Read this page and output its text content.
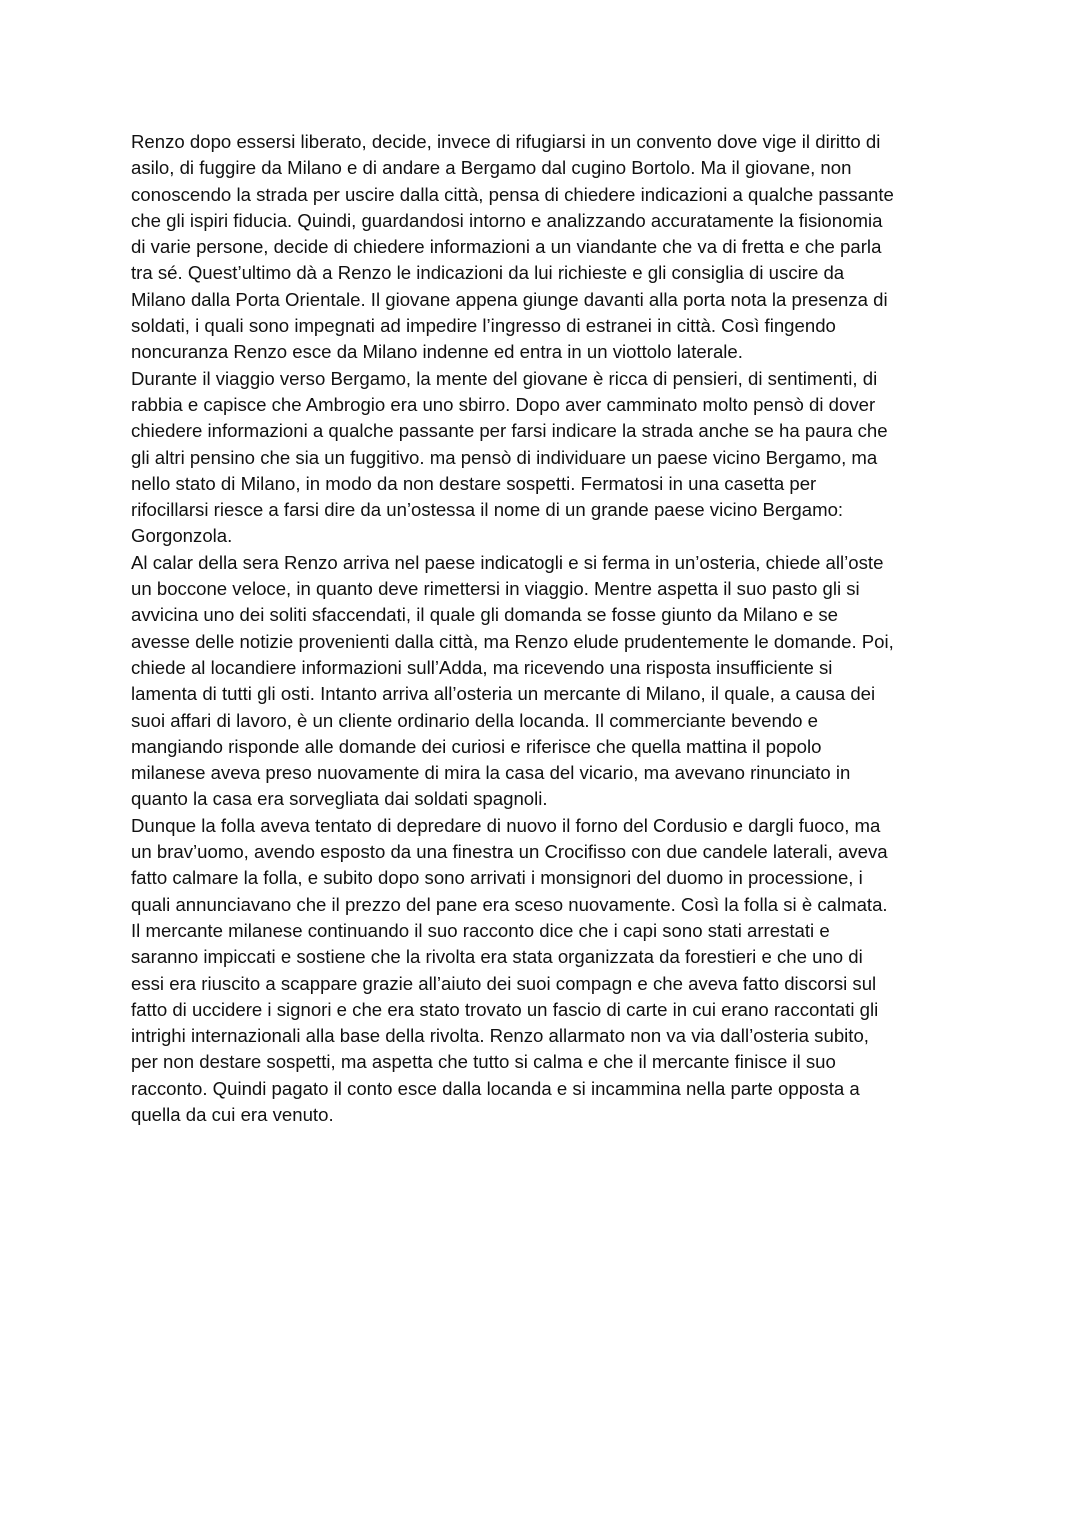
Renzo dopo essersi liberato, decide, invece di rifugiarsi in un convento dove vige il diritto di
asilo, di fuggire da Milano e di andare a Bergamo dal cugino Bortolo. Ma il giovane, non
conoscendo la strada per uscire dalla città, pensa di chiedere indicazioni a qualche passante
che gli ispiri fiducia. Quindi, guardandosi intorno e analizzando accuratamente la fisionomia
di varie persone, decide di chiedere informazioni a un viandante che va di fretta e che parla
tra sé. Quest’ultimo dà a Renzo le indicazioni da lui richieste e gli consiglia di uscire da
Milano dalla Porta Orientale. Il giovane appena giunge davanti alla porta nota la presenza di
soldati, i quali sono impegnati ad impedire l’ingresso di estranei in città. Così fingendo
noncuranza Renzo esce da Milano indenne ed entra in un viottolo laterale.
Durante il viaggio verso Bergamo, la mente del giovane è ricca di pensieri, di sentimenti, di
rabbia e capisce che Ambrogio era uno sbirro. Dopo aver camminato molto pensò di dover
chiedere informazioni a qualche passante per farsi indicare la strada anche se ha paura che
gli altri pensino che sia un fuggitivo. ma pensò di individuare un paese vicino Bergamo, ma
nello stato di Milano, in modo da non destare sospetti. Fermatosi in una casetta per
rifocillarsi riesce a farsi dire da un’ostessa il nome di un grande paese vicino Bergamo:
Gorgonzola.
Al calar della sera Renzo arriva nel paese indicatogli e si ferma in un’osteria, chiede all’oste
un boccone veloce, in quanto deve rimettersi in viaggio. Mentre aspetta il suo pasto gli si
avvicina uno dei soliti sfaccendati, il quale gli domanda se fosse giunto da Milano e se
avesse delle notizie provenienti dalla città, ma Renzo elude prudentemente le domande. Poi,
chiede al locandiere informazioni sull’Adda, ma ricevendo una risposta insufficiente si
lamenta di tutti gli osti. Intanto arriva all’osteria un mercante di Milano, il quale, a causa dei
suoi affari di lavoro, è un cliente ordinario della locanda. Il commerciante bevendo e
mangiando risponde alle domande dei curiosi e riferisce che quella mattina il popolo
milanese aveva preso nuovamente di mira la casa del vicario, ma avevano rinunciato in
quanto la casa era sorvegliata dai soldati spagnoli.
Dunque la folla aveva tentato di depredare di nuovo il forno del Cordusio e dargli fuoco, ma
un brav’uomo, avendo esposto da una finestra un Crocifisso con due candele laterali, aveva
fatto calmare la folla, e subito dopo sono arrivati i monsignori del duomo in processione, i
quali annunciavano che il prezzo del pane era sceso nuovamente. Così la folla si è calmata.
Il mercante milanese continuando il suo racconto dice che i capi sono stati arrestati e
saranno impiccati e sostiene che la rivolta era stata organizzata da forestieri e che uno di
essi era riuscito a scappare grazie all’aiuto dei suoi compagn e che aveva fatto discorsi sul
fatto di uccidere i signori e che era stato trovato un fascio di carte in cui erano raccontati gli
intrighi internazionali alla base della rivolta. Renzo allarmato non va via dall’osteria subito,
per non destare sospetti, ma aspetta che tutto si calma e che il mercante finisce il suo
racconto. Quindi pagato il conto esce dalla locanda e si incammina nella parte opposta a
quella da cui era venuto.
